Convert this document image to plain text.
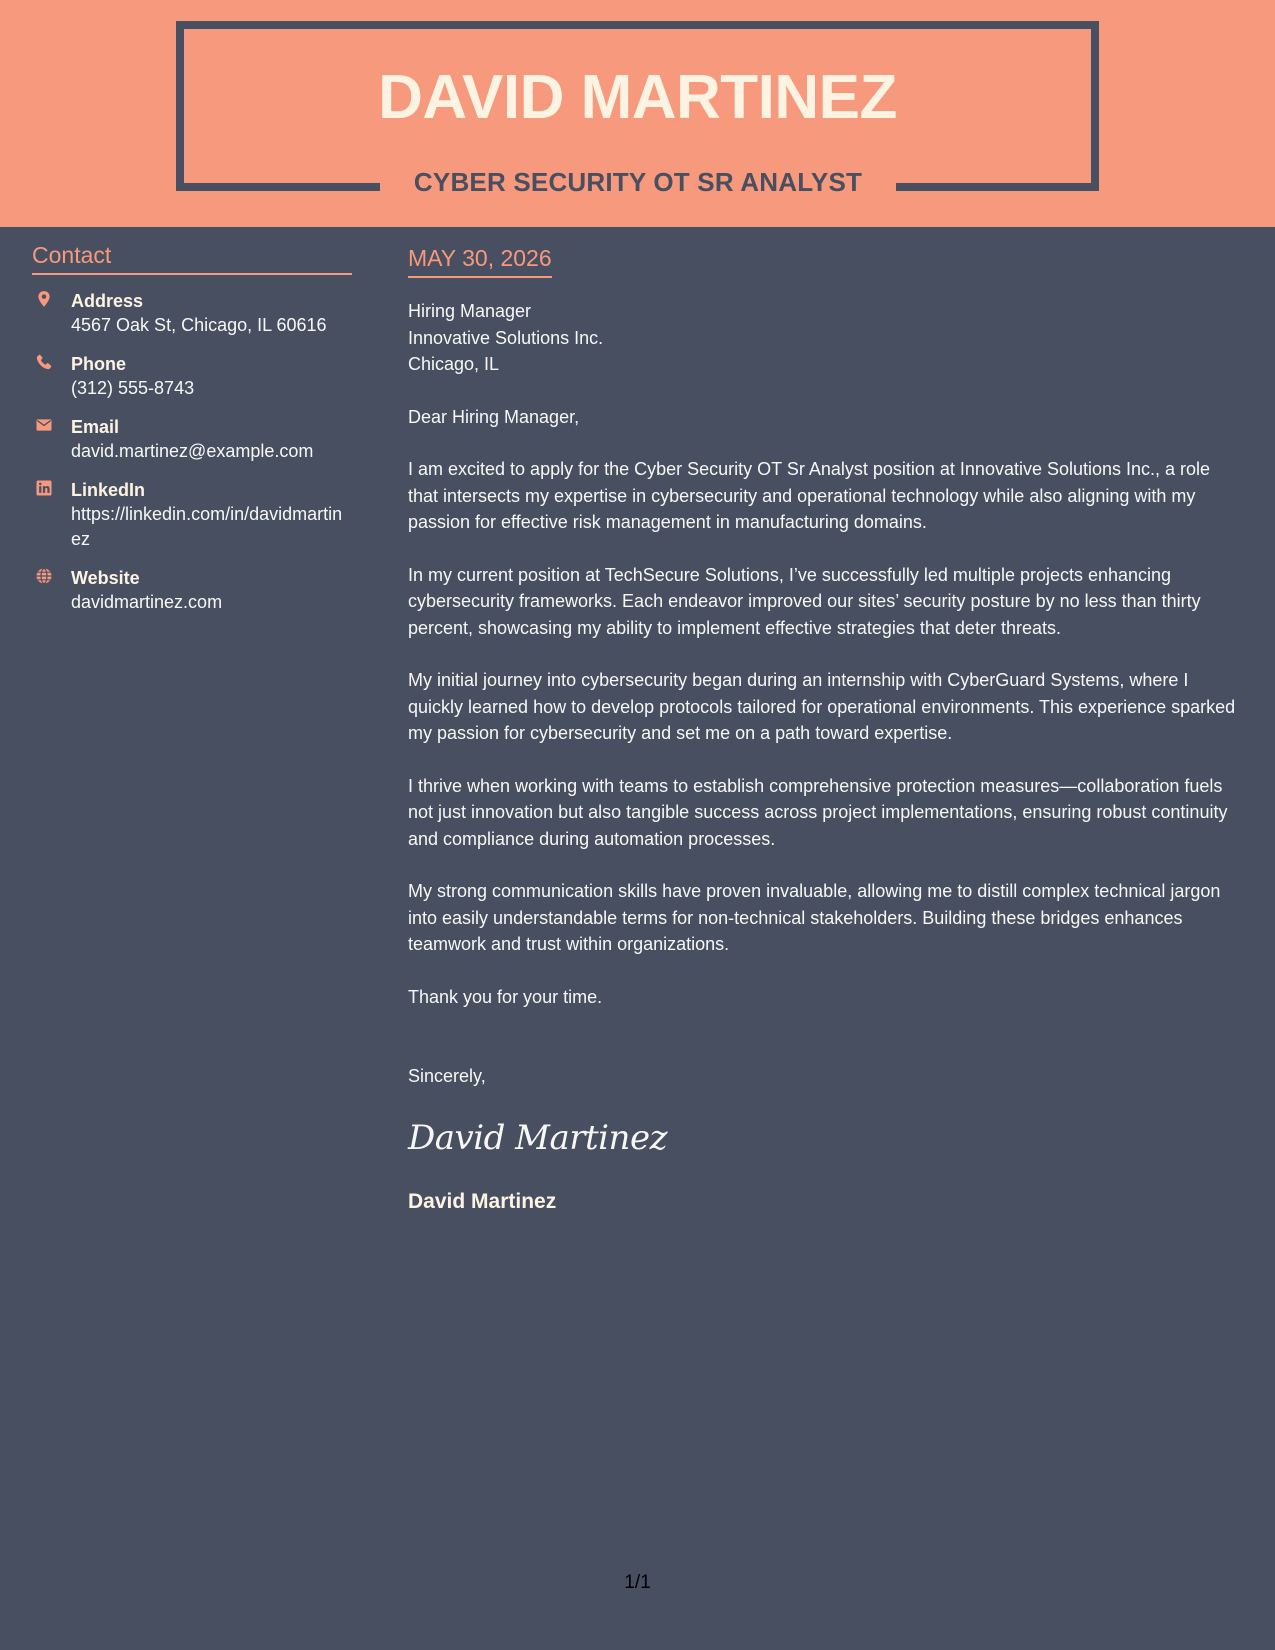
DAVID MARTINEZ
CYBER SECURITY OT SR ANALYST
Contact
Address
4567 Oak St, Chicago, IL 60616
Phone
(312) 555-8743
Email
david.martinez@example.com
LinkedIn
https://linkedin.com/in/davidmartinez
Website
davidmartinez.com
MAY 30, 2026
Hiring Manager
Innovative Solutions Inc.
Chicago, IL
Dear Hiring Manager,
I am excited to apply for the Cyber Security OT Sr Analyst position at Innovative Solutions Inc., a role that intersects my expertise in cybersecurity and operational technology while also aligning with my passion for effective risk management in manufacturing domains.
In my current position at TechSecure Solutions, I’ve successfully led multiple projects enhancing cybersecurity frameworks. Each endeavor improved our sites’ security posture by no less than thirty percent, showcasing my ability to implement effective strategies that deter threats.
My initial journey into cybersecurity began during an internship with CyberGuard Systems, where I quickly learned how to develop protocols tailored for operational environments. This experience sparked my passion for cybersecurity and set me on a path toward expertise.
I thrive when working with teams to establish comprehensive protection measures—collaboration fuels not just innovation but also tangible success across project implementations, ensuring robust continuity and compliance during automation processes.
My strong communication skills have proven invaluable, allowing me to distill complex technical jargon into easily understandable terms for non-technical stakeholders. Building these bridges enhances teamwork and trust within organizations.
Thank you for your time.
Sincerely,
David Martinez
David Martinez
1/1
